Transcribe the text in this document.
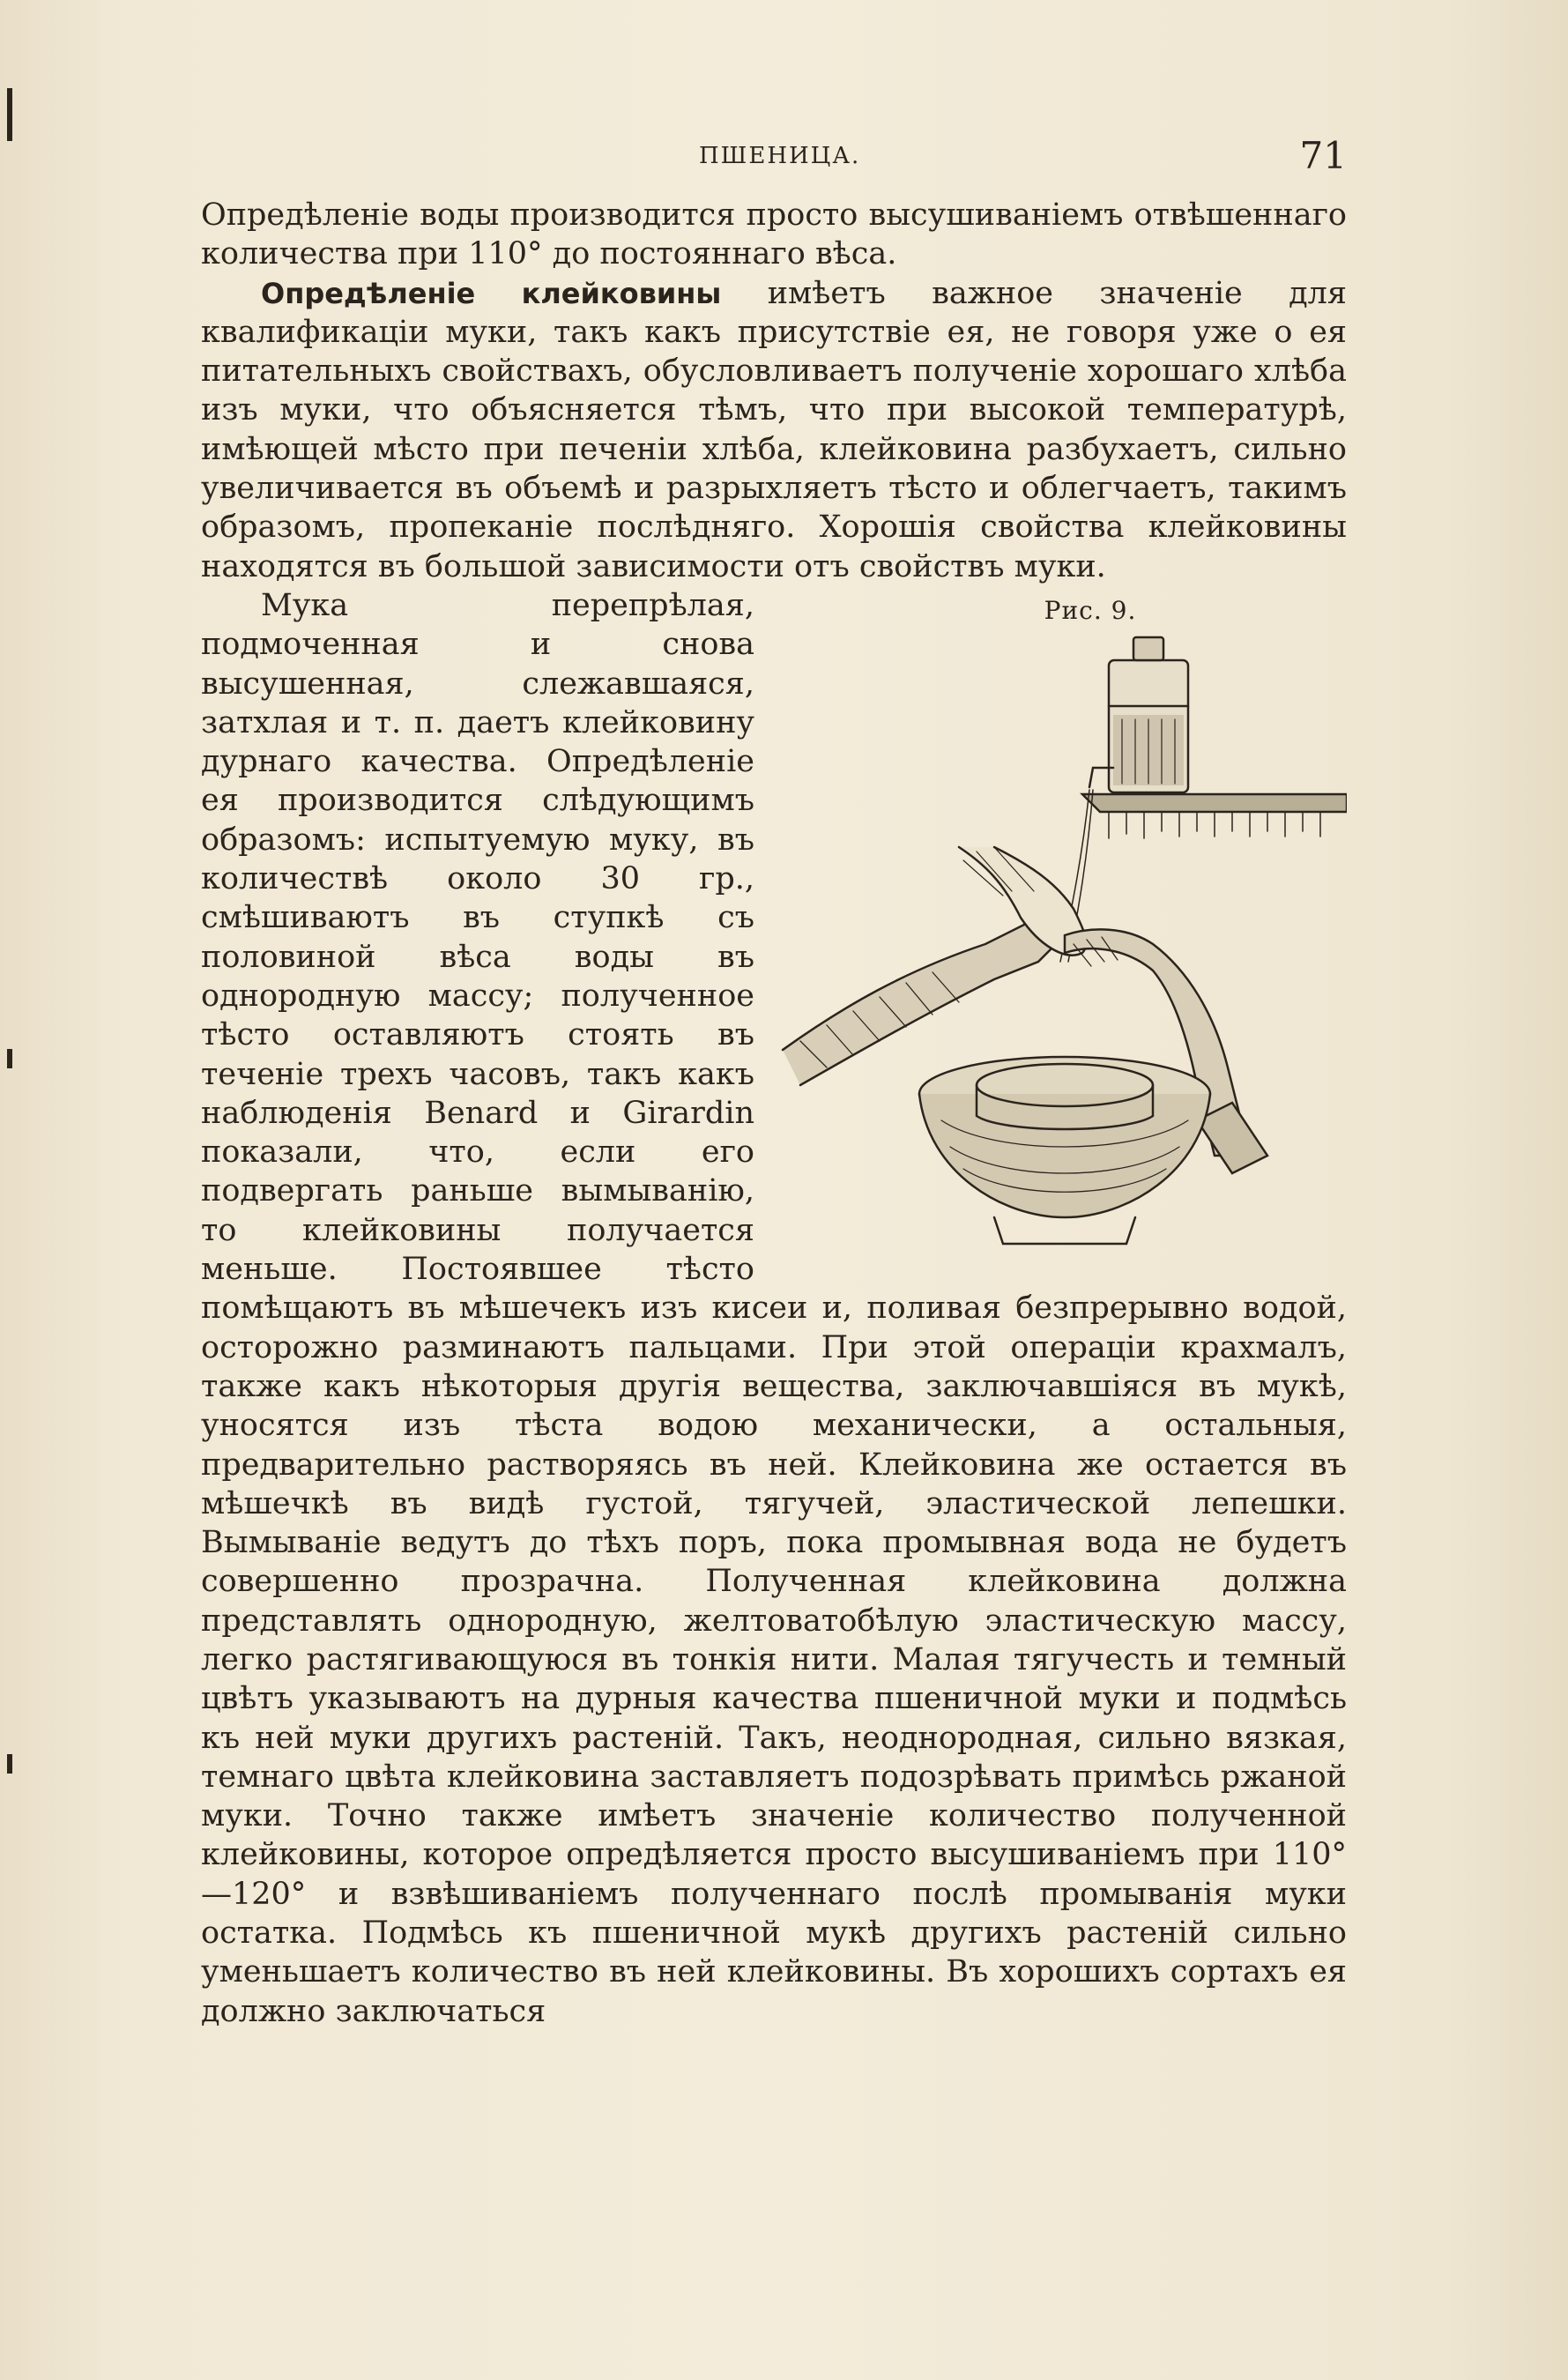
ПШЕНИЦА.	71

Опредѣленіе воды производится просто высушиваніемъ отвѣшеннаго количества при 110° до постояннаго вѣса.

Опредѣленіе клейковины имѣетъ важное значеніе для квалификаціи муки, такъ какъ присутствіе ея, не говоря уже о ея питательныхъ свойствахъ, обусловливаетъ полученіе хорошаго хлѣба изъ муки, что объясняется тѣмъ, что при высокой температурѣ, имѣющей мѣсто при печеніи хлѣба, клейковина разбухаетъ, сильно увеличивается въ объемѣ и разрыхляетъ тѣсто и облегчаетъ, такимъ образомъ, пропеканіе послѣдняго. Хорошія свойства клейковины находятся въ большой зависимости отъ свойствъ муки.

Рис. 9.
Мука перепрѣлая, подмоченная и снова высушенная, слежавшаяся, затхлая и т. п. даетъ клейковину дурнаго качества. Опредѣленіе ея производится слѣдующимъ образомъ: испытуемую муку, въ количествѣ около 30 гр., смѣшиваютъ въ ступкѣ съ половиной вѣса воды въ однородную массу; полученное тѣсто оставляютъ стоять въ теченіе трехъ часовъ, такъ какъ наблюденія Benard и Girardin показали, что, если его подвергать раньше вымыванію, то клейковины получается меньше. Постоявшее тѣсто помѣщаютъ въ мѣшечекъ изъ кисеи и, поливая безпрерывно водой, осторожно разминаютъ пальцами. При этой операціи крахмалъ, также какъ нѣкоторыя другія вещества, заключавшіяся въ мукѣ, уносятся изъ тѣста водою механически, а остальныя, предварительно растворяясь въ ней. Клейковина же остается въ мѣшечкѣ въ видѣ густой, тягучей, эластической лепешки. Вымываніе ведутъ до тѣхъ поръ, пока промывная вода не будетъ совершенно прозрачна. Полученная клейковина должна представлять однородную, желтоватобѣлую эластическую массу, легко растягивающуюся въ тонкія нити. Малая тягучесть и темный цвѣтъ указываютъ на дурныя качества пшеничной муки и подмѣсь къ ней муки другихъ растеній. Такъ, неоднородная, сильно вязкая, темнаго цвѣта клейковина заставляетъ подозрѣвать примѣсь ржаной муки. Точно также имѣетъ значеніе количество полученной клейковины, которое опредѣляется просто высушиваніемъ при 110°—120° и взвѣшиваніемъ полученнаго послѣ промыванія муки остатка. Подмѣсь къ пшеничной мукѣ другихъ растеній сильно уменьшаетъ количество въ ней клейковины. Въ хорошихъ сортахъ ея должно заключаться
